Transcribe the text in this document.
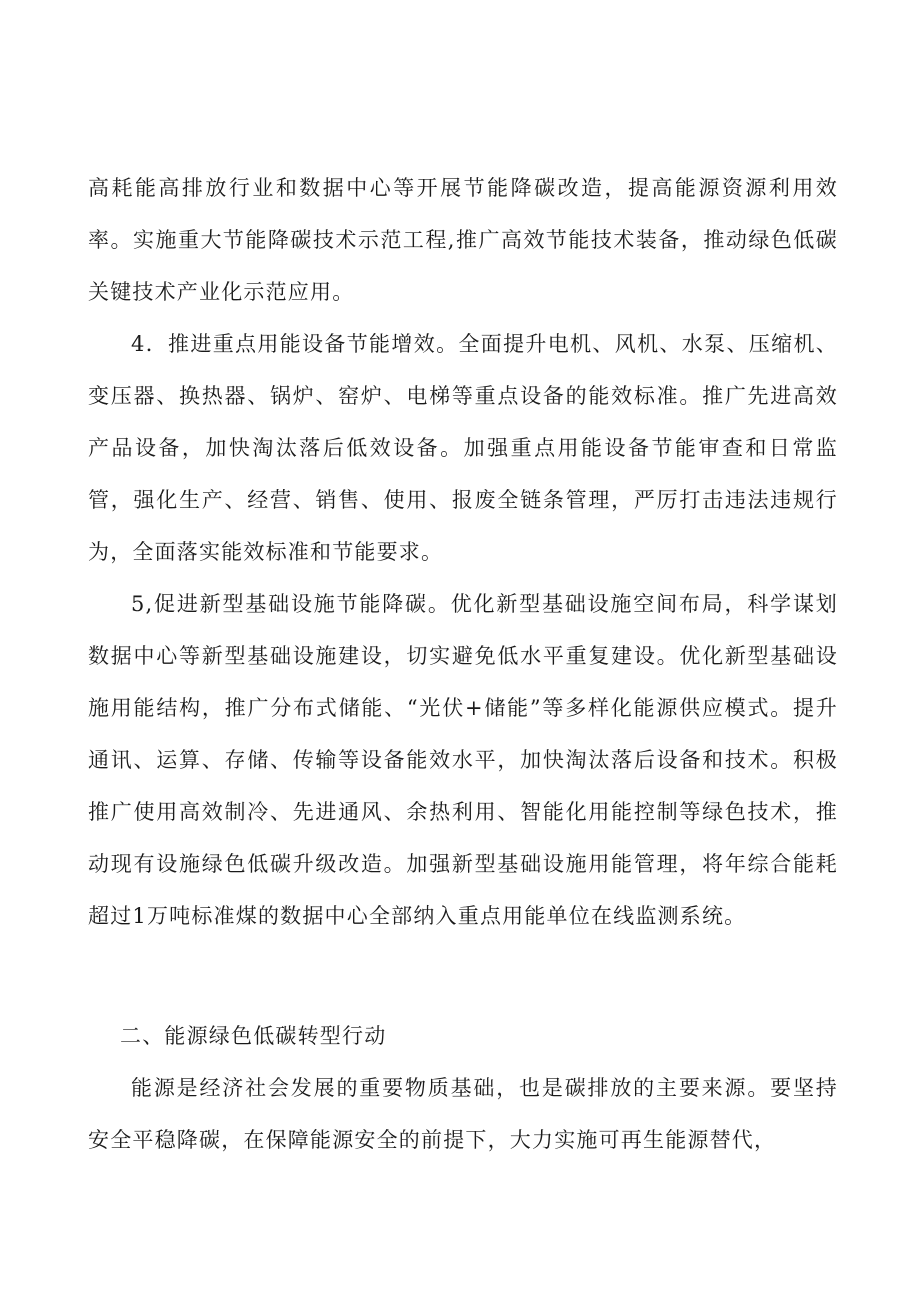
高耗能高排放行业和数据中心等开展节能降碳改造，提高能源资源利用效率。实施重大节能降碳技术示范工程,推广高效节能技术装备，推动绿色低碳关键技术产业化示范应用。

4．推进重点用能设备节能增效。全面提升电机、风机、水泵、压缩机、变压器、换热器、锅炉、窑炉、电梯等重点设备的能效标准。推广先进高效产品设备，加快淘汰落后低效设备。加强重点用能设备节能审查和日常监管，强化生产、经营、销售、使用、报废全链条管理，严厉打击违法违规行为，全面落实能效标准和节能要求。

5,促进新型基础设施节能降碳。优化新型基础设施空间布局，科学谋划数据中心等新型基础设施建设，切实避免低水平重复建设。优化新型基础设施用能结构，推广分布式储能、“光伏+储能”等多样化能源供应模式。提升通讯、运算、存储、传输等设备能效水平，加快淘汰落后设备和技术。积极推广使用高效制冷、先进通风、余热利用、智能化用能控制等绿色技术，推动现有设施绿色低碳升级改造。加强新型基础设施用能管理，将年综合能耗超过1万吨标准煤的数据中心全部纳入重点用能单位在线监测系统。

二、能源绿色低碳转型行动

能源是经济社会发展的重要物质基础，也是碳排放的主要来源。要坚持安全平稳降碳，在保障能源安全的前提下，大力实施可再生能源替代，
